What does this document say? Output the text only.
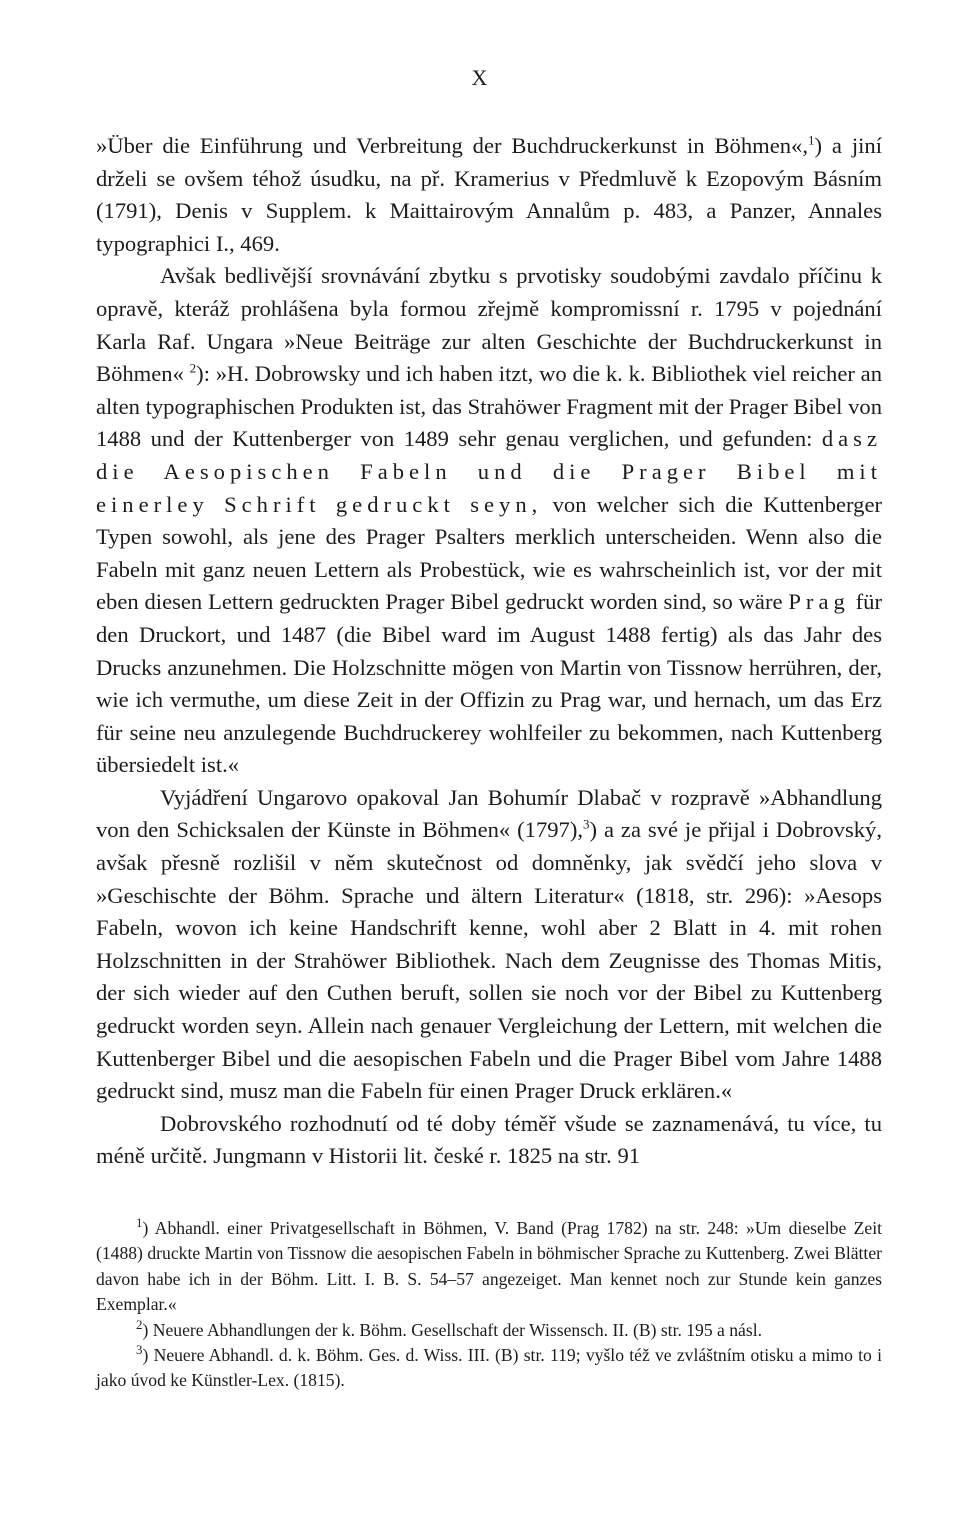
X

»Über die Einführung und Verbreitung der Buchdruckerkunst in Böhmen«,$^1$) a jiní drželi se ovšem téhož úsudku, na př. Kramerius v Předmluvě k Ezopovým Básním (1791), Denis v Supplem. k Maittairovým Annalům p. 483, a Panzer, Annales typographici I., 469.

Avšak bedlivější srovnávání zbytku s prvotisky soudobými zavdalo příčinu k opravě, kteráž prohlášena byla formou zřejmě kompromissní r. 1795 v pojednání Karla Raf. Ungara »Neue Beiträge zur alten Geschichte der Buchdruckerkunst in Böhmen« $^2$): »H. Dobrowsky und ich haben itzt, wo die k. k. Bibliothek viel reicher an alten typographischen Produkten ist, das Strahöwer Fragment mit der Prager Bibel von 1488 und der Kuttenberger von 1489 sehr genau verglichen, und gefunden: dasz die Aesopischen Fabeln und die Prager Bibel mit einerley Schrift gedruckt seyn, von welcher sich die Kuttenberger Typen sowohl, als jene des Prager Psalters merklich unterscheiden. Wenn also die Fabeln mit ganz neuen Lettern als Probestück, wie es wahrscheinlich ist, vor der mit eben diesen Lettern gedruckten Prager Bibel gedruckt worden sind, so wäre Prag für den Druckort, und 1487 (die Bibel ward im August 1488 fertig) als das Jahr des Drucks anzunehmen. Die Holzschnitte mögen von Martin von Tissnow herrühren, der, wie ich vermuthe, um diese Zeit in der Offizin zu Prag war, und hernach, um das Erz für seine neu anzulegende Buchdruckerey wohlfeiler zu bekommen, nach Kuttenberg übersiedelt ist.«

Vyjádření Ungarovo opakoval Jan Bohumír Dlabač v rozpravě »Abhandlung von den Schicksalen der Künste in Böhmen« (1797),$^3$) a za své je přijal i Dobrovský, avšak přesně rozlišil v něm skutečnost od domněnky, jak svědčí jeho slova v »Geschischte der Böhm. Sprache und ältern Literatur« (1818, str. 296): »Aesops Fabeln, wovon ich keine Handschrift kenne, wohl aber 2 Blatt in 4. mit rohen Holzschnitten in der Strahöwer Bibliothek. Nach dem Zeugnisse des Thomas Mitis, der sich wieder auf den Cuthen beruft, sollen sie noch vor der Bibel zu Kuttenberg gedruckt worden seyn. Allein nach genauer Vergleichung der Lettern, mit welchen die Kuttenberger Bibel und die aesopischen Fabeln und die Prager Bibel vom Jahre 1488 gedruckt sind, musz man die Fabeln für einen Prager Druck erklären.«

Dobrovského rozhodnutí od té doby téměř všude se zaznamenává, tu více, tu méně určitě. Jungmann v Historii lit. české r. 1825 na str. 91

$^1$) Abhandl. einer Privatgesellschaft in Böhmen, V. Band (Prag 1782) na str. 248: »Um dieselbe Zeit (1488) druckte Martin von Tissnow die aesopischen Fabeln in böhmischer Sprache zu Kuttenberg. Zwei Blätter davon habe ich in der Böhm. Litt. I. B. S. 54–57 angezeiget. Man kennet noch zur Stunde kein ganzes Exemplar.«

$^2$) Neuere Abhandlungen der k. Böhm. Gesellschaft der Wissensch. II. (B) str. 195 a násl.

$^3$) Neuere Abhandl. d. k. Böhm. Ges. d. Wiss. III. (B) str. 119; vyšlo též ve zvláštním otisku a mimo to i jako úvod ke Künstler-Lex. (1815).
